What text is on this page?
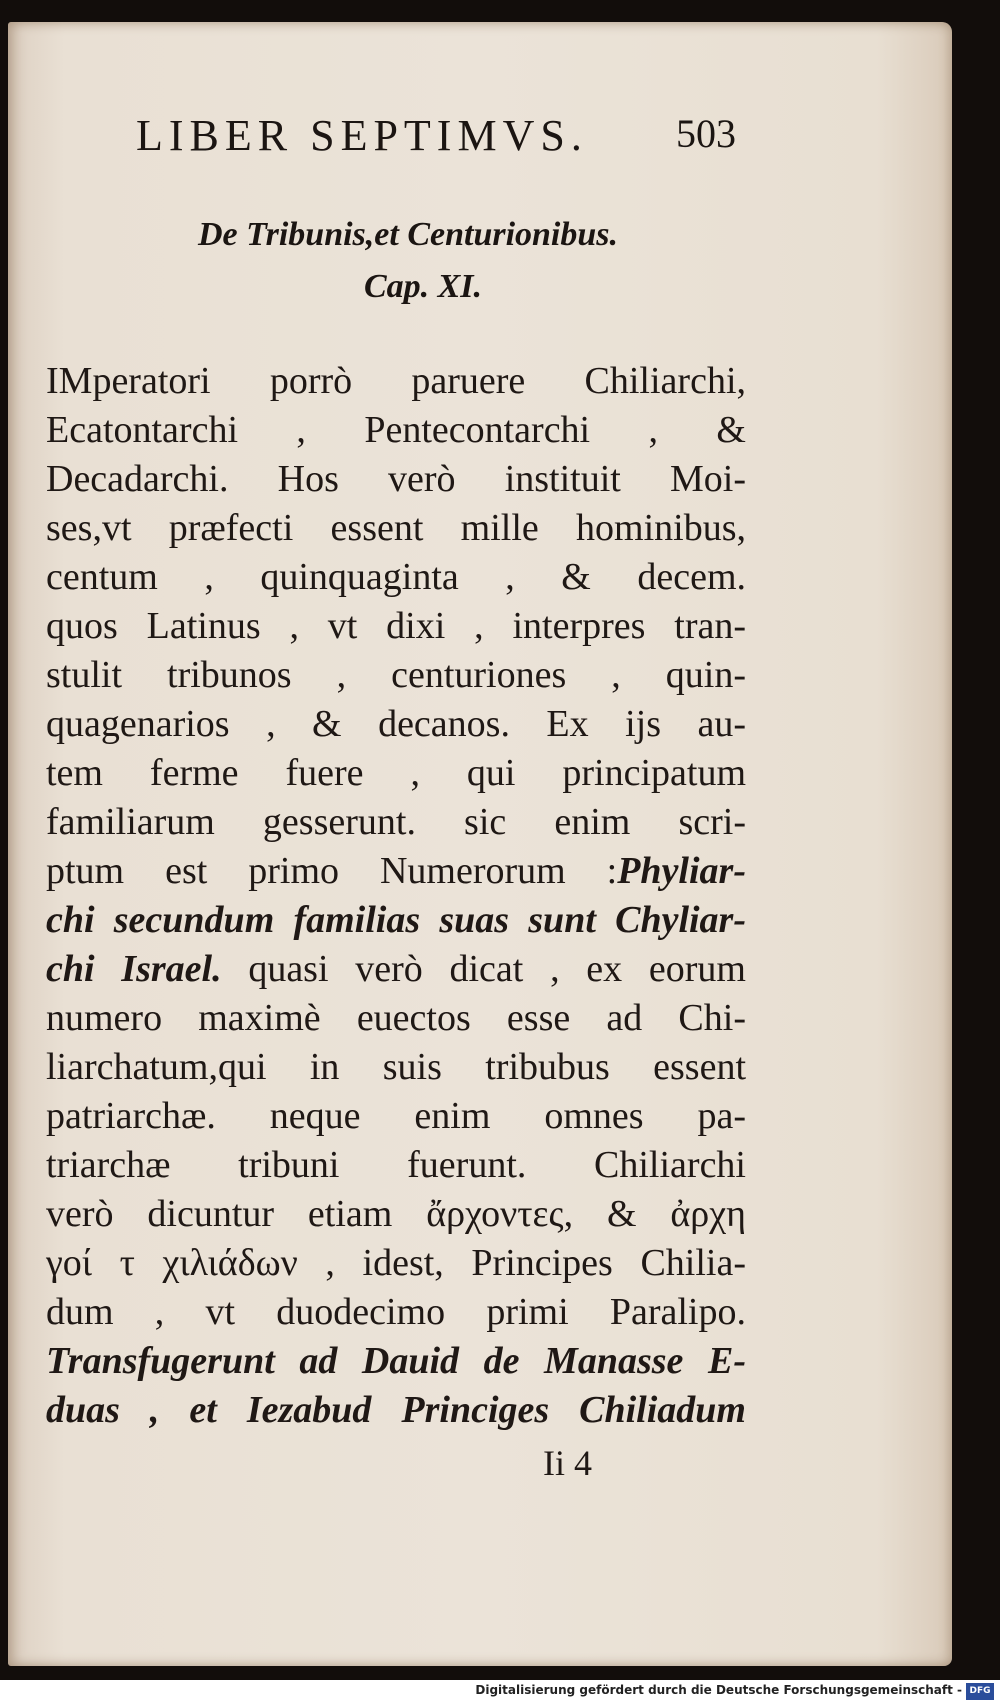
LIBER SEPTIMVS. 503
De Tribunis,et Centurionibus.
Cap. XI.
IMperatori porrò paruere Chiliarchi,
Ecatontarchi , Pentecontarchi , &
Decadarchi. Hos verò instituit Moi-
ses,vt præfecti essent mille hominibus,
centum , quinquaginta , & decem.
quos Latinus , vt dixi , interpres tran-
stulit tribunos , centuriones , quin-
quagenarios , & decanos. Ex ijs au-
tem ferme fuere , qui principatum
familiarum gesserunt. sic enim scri-
ptum est primo Numerorum :Phyliar-
chi secundum familias suas sunt Chyliar-
chi Israel. quasi verò dicat , ex eorum
numero maximè euectos esse ad Chi-
liarchatum,qui in suis tribubus essent
patriarchæ. neque enim omnes pa-
triarchæ tribuni fuerunt. Chiliarchi
verò dicuntur etiam ἄρχοντες, & ἀρχη
γοί τ χιλιάδων , idest, Principes Chilia-
dum , vt duodecimo primi Paralipo.
Transfugerunt ad Dauid de Manasse E-
duas , et Iezabud Princiges Chiliadum
Ii 4
Digitalisierung gefördert durch die Deutsche Forschungsgemeinschaft - DFG
